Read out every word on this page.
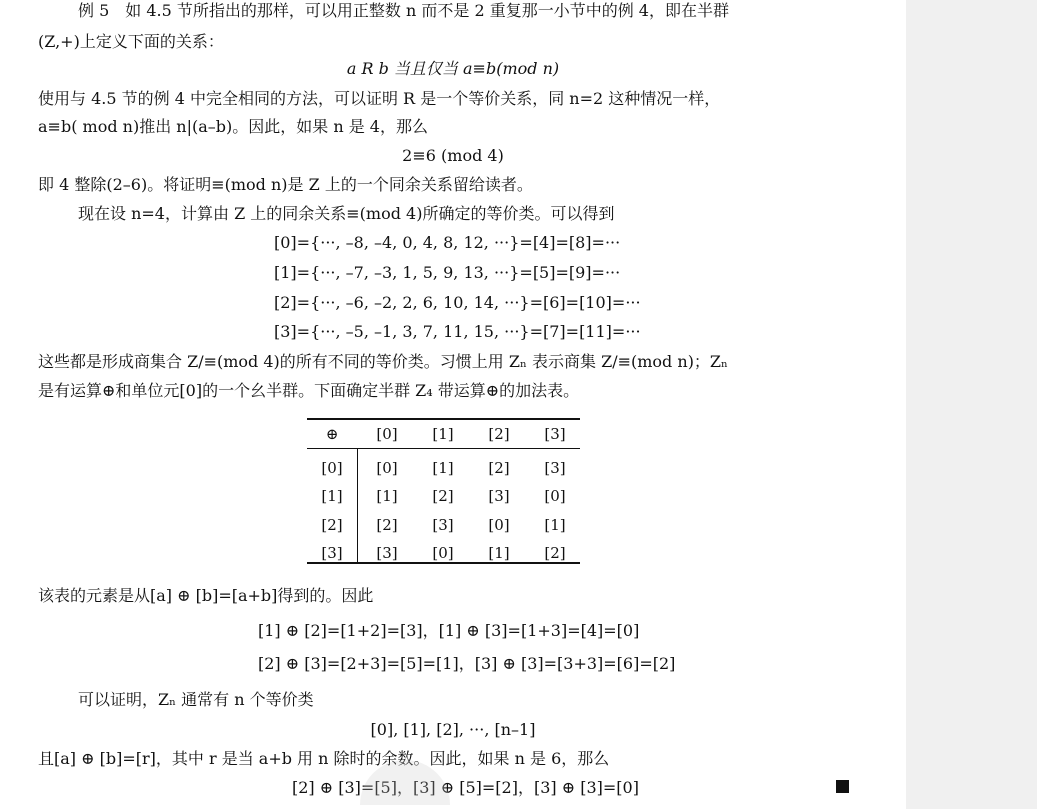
例 5　如 4.5 节所指出的那样，可以用正整数 n 而不是 2 重复那一小节中的例 4，即在半群
(Z,+)上定义下面的关系：
a R b 当且仅当 a≡b(mod n)
使用与 4.5 节的例 4 中完全相同的方法，可以证明 R 是一个等价关系，同 n=2 这种情况一样，
a≡b( mod n)推出 n|(a–b)。因此，如果 n 是 4，那么
2≡6 (mod 4)
即 4 整除(2–6)。将证明≡(mod n)是 Z 上的一个同余关系留给读者。
现在设 n=4，计算由 Z 上的同余关系≡(mod 4)所确定的等价类。可以得到
[0]={···, –8, –4, 0, 4, 8, 12, ···}=[4]=[8]=···
[1]={···, –7, –3, 1, 5, 9, 13, ···}=[5]=[9]=···
[2]={···, –6, –2, 2, 6, 10, 14, ···}=[6]=[10]=···
[3]={···, –5, –1, 3, 7, 11, 15, ···}=[7]=[11]=···
这些都是形成商集合 Z/≡(mod 4)的所有不同的等价类。习惯上用 Zₙ 表示商集 Z/≡(mod n)；Zₙ
是有运算⊕和单位元[0]的一个幺半群。下面确定半群 Z₄ 带运算⊕的加法表。
⊕	[0]	[1]	[2]	[3]
[0]	[0]	[1]	[2]	[3]
[1]	[1]	[2]	[3]	[0]
[2]	[2]	[3]	[0]	[1]
[3]	[3]	[0]	[1]	[2]
该表的元素是从[a] ⊕ [b]=[a+b]得到的。因此
[1] ⊕ [2]=[1+2]=[3]，[1] ⊕ [3]=[1+3]=[4]=[0]
[2] ⊕ [3]=[2+3]=[5]=[1]，[3] ⊕ [3]=[3+3]=[6]=[2]
可以证明，Zₙ 通常有 n 个等价类
[0], [1], [2], ···, [n–1]
且[a] ⊕ [b]=[r]，其中 r 是当 a+b 用 n 除时的余数。因此，如果 n 是 6，那么
[2] ⊕ [3]=[5]，[3] ⊕ [5]=[2]，[3] ⊕ [3]=[0]
